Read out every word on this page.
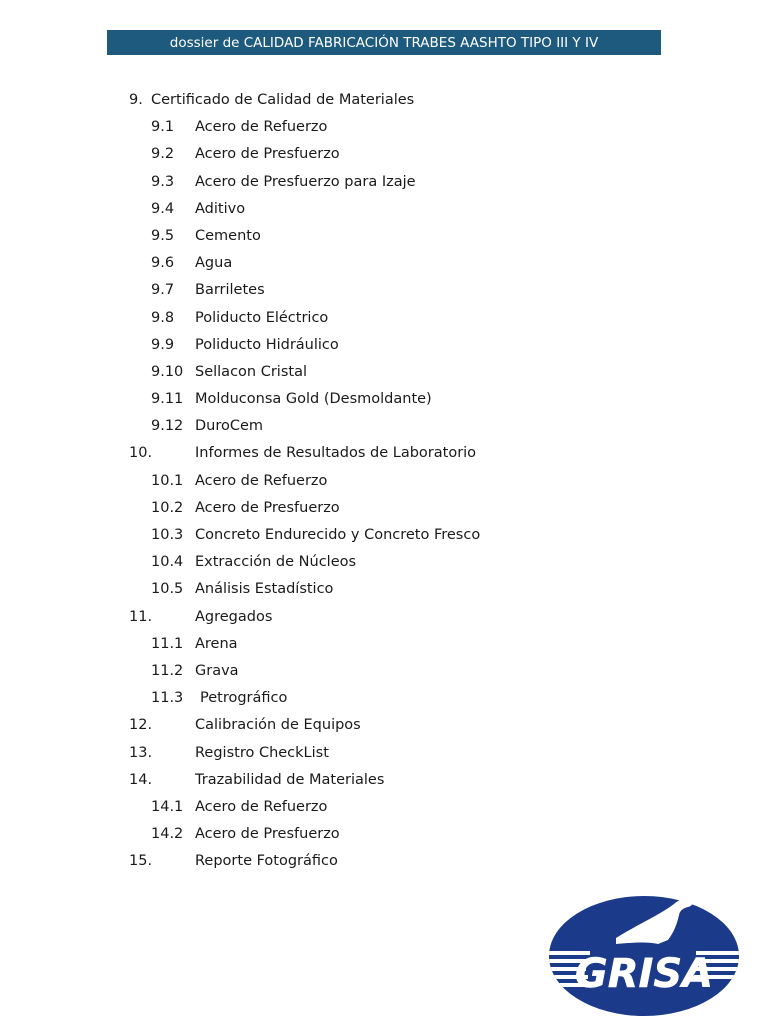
dossier de CALIDAD FABRICACIÓN TRABES AASHTO TIPO III Y IV
9. Certificado de Calidad de Materiales
9.1 Acero de Refuerzo
9.2 Acero de Presfuerzo
9.3 Acero de Presfuerzo para Izaje
9.4 Aditivo
9.5 Cemento
9.6 Agua
9.7 Barriletes
9.8 Poliducto Eléctrico
9.9 Poliducto Hidráulico
9.10 Sellacon Cristal
9.11 Molduconsa Gold (Desmoldante)
9.12 DuroCem
10.	Informes de Resultados de Laboratorio
10.1 Acero de Refuerzo
10.2 Acero de Presfuerzo
10.3 Concreto Endurecido y Concreto Fresco
10.4 Extracción de Núcleos
10.5 Análisis Estadístico
11.	Agregados
11.1 Arena
11.2 Grava
11.3 Petrográfico
12.	Calibración de Equipos
13.	Registro CheckList
14.	Trazabilidad de Materiales
14.1 Acero de Refuerzo
14.2 Acero de Presfuerzo
15.	Reporte Fotográfico
GRISA
